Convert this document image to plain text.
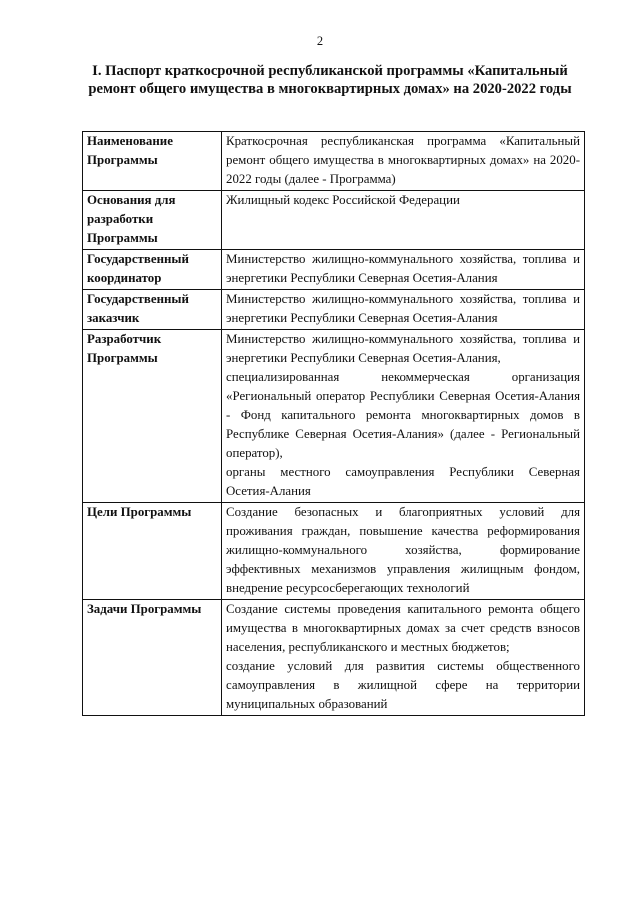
2
I. Паспорт краткосрочной республиканской программы «Капитальный
ремонт общего имущества в многоквартирных домах» на 2020-2022 годы
Наименование Программы	Краткосрочная республиканская программа «Капитальный ремонт общего имущества в многоквартирных домах» на 2020-2022 годы (далее - Программа)

Основания для разработки Программы	Жилищный кодекс Российской Федерации

Государственный координатор	Министерство жилищно-коммунального хозяйства, топлива и энергетики Республики Северная Осетия-Алания

Государственный заказчик	Министерство жилищно-коммунального хозяйства, топлива и энергетики Республики Северная Осетия-Алания

Разработчик Программы	Министерство жилищно-коммунального хозяйства, топлива и энергетики Республики Северная Осетия-Алания,
специализированная некоммерческая организация «Региональный оператор Республики Северная Осетия-Алания - Фонд капитального ремонта многоквартирных домов в Республике Северная Осетия-Алания» (далее - Региональный оператор),
органы местного самоуправления Республики Северная Осетия-Алания

Цели Программы	Создание безопасных и благоприятных условий для проживания граждан, повышение качества реформирования жилищно-коммунального хозяйства, формирование эффективных механизмов управления жилищным фондом, внедрение ресурсосберегающих технологий

Задачи Программы	Создание системы проведения капитального ремонта общего имущества в многоквартирных домах за счет средств взносов населения, республиканского и местных бюджетов;
создание условий для развития системы общественного самоуправления в жилищной сфере на территории муниципальных образований
